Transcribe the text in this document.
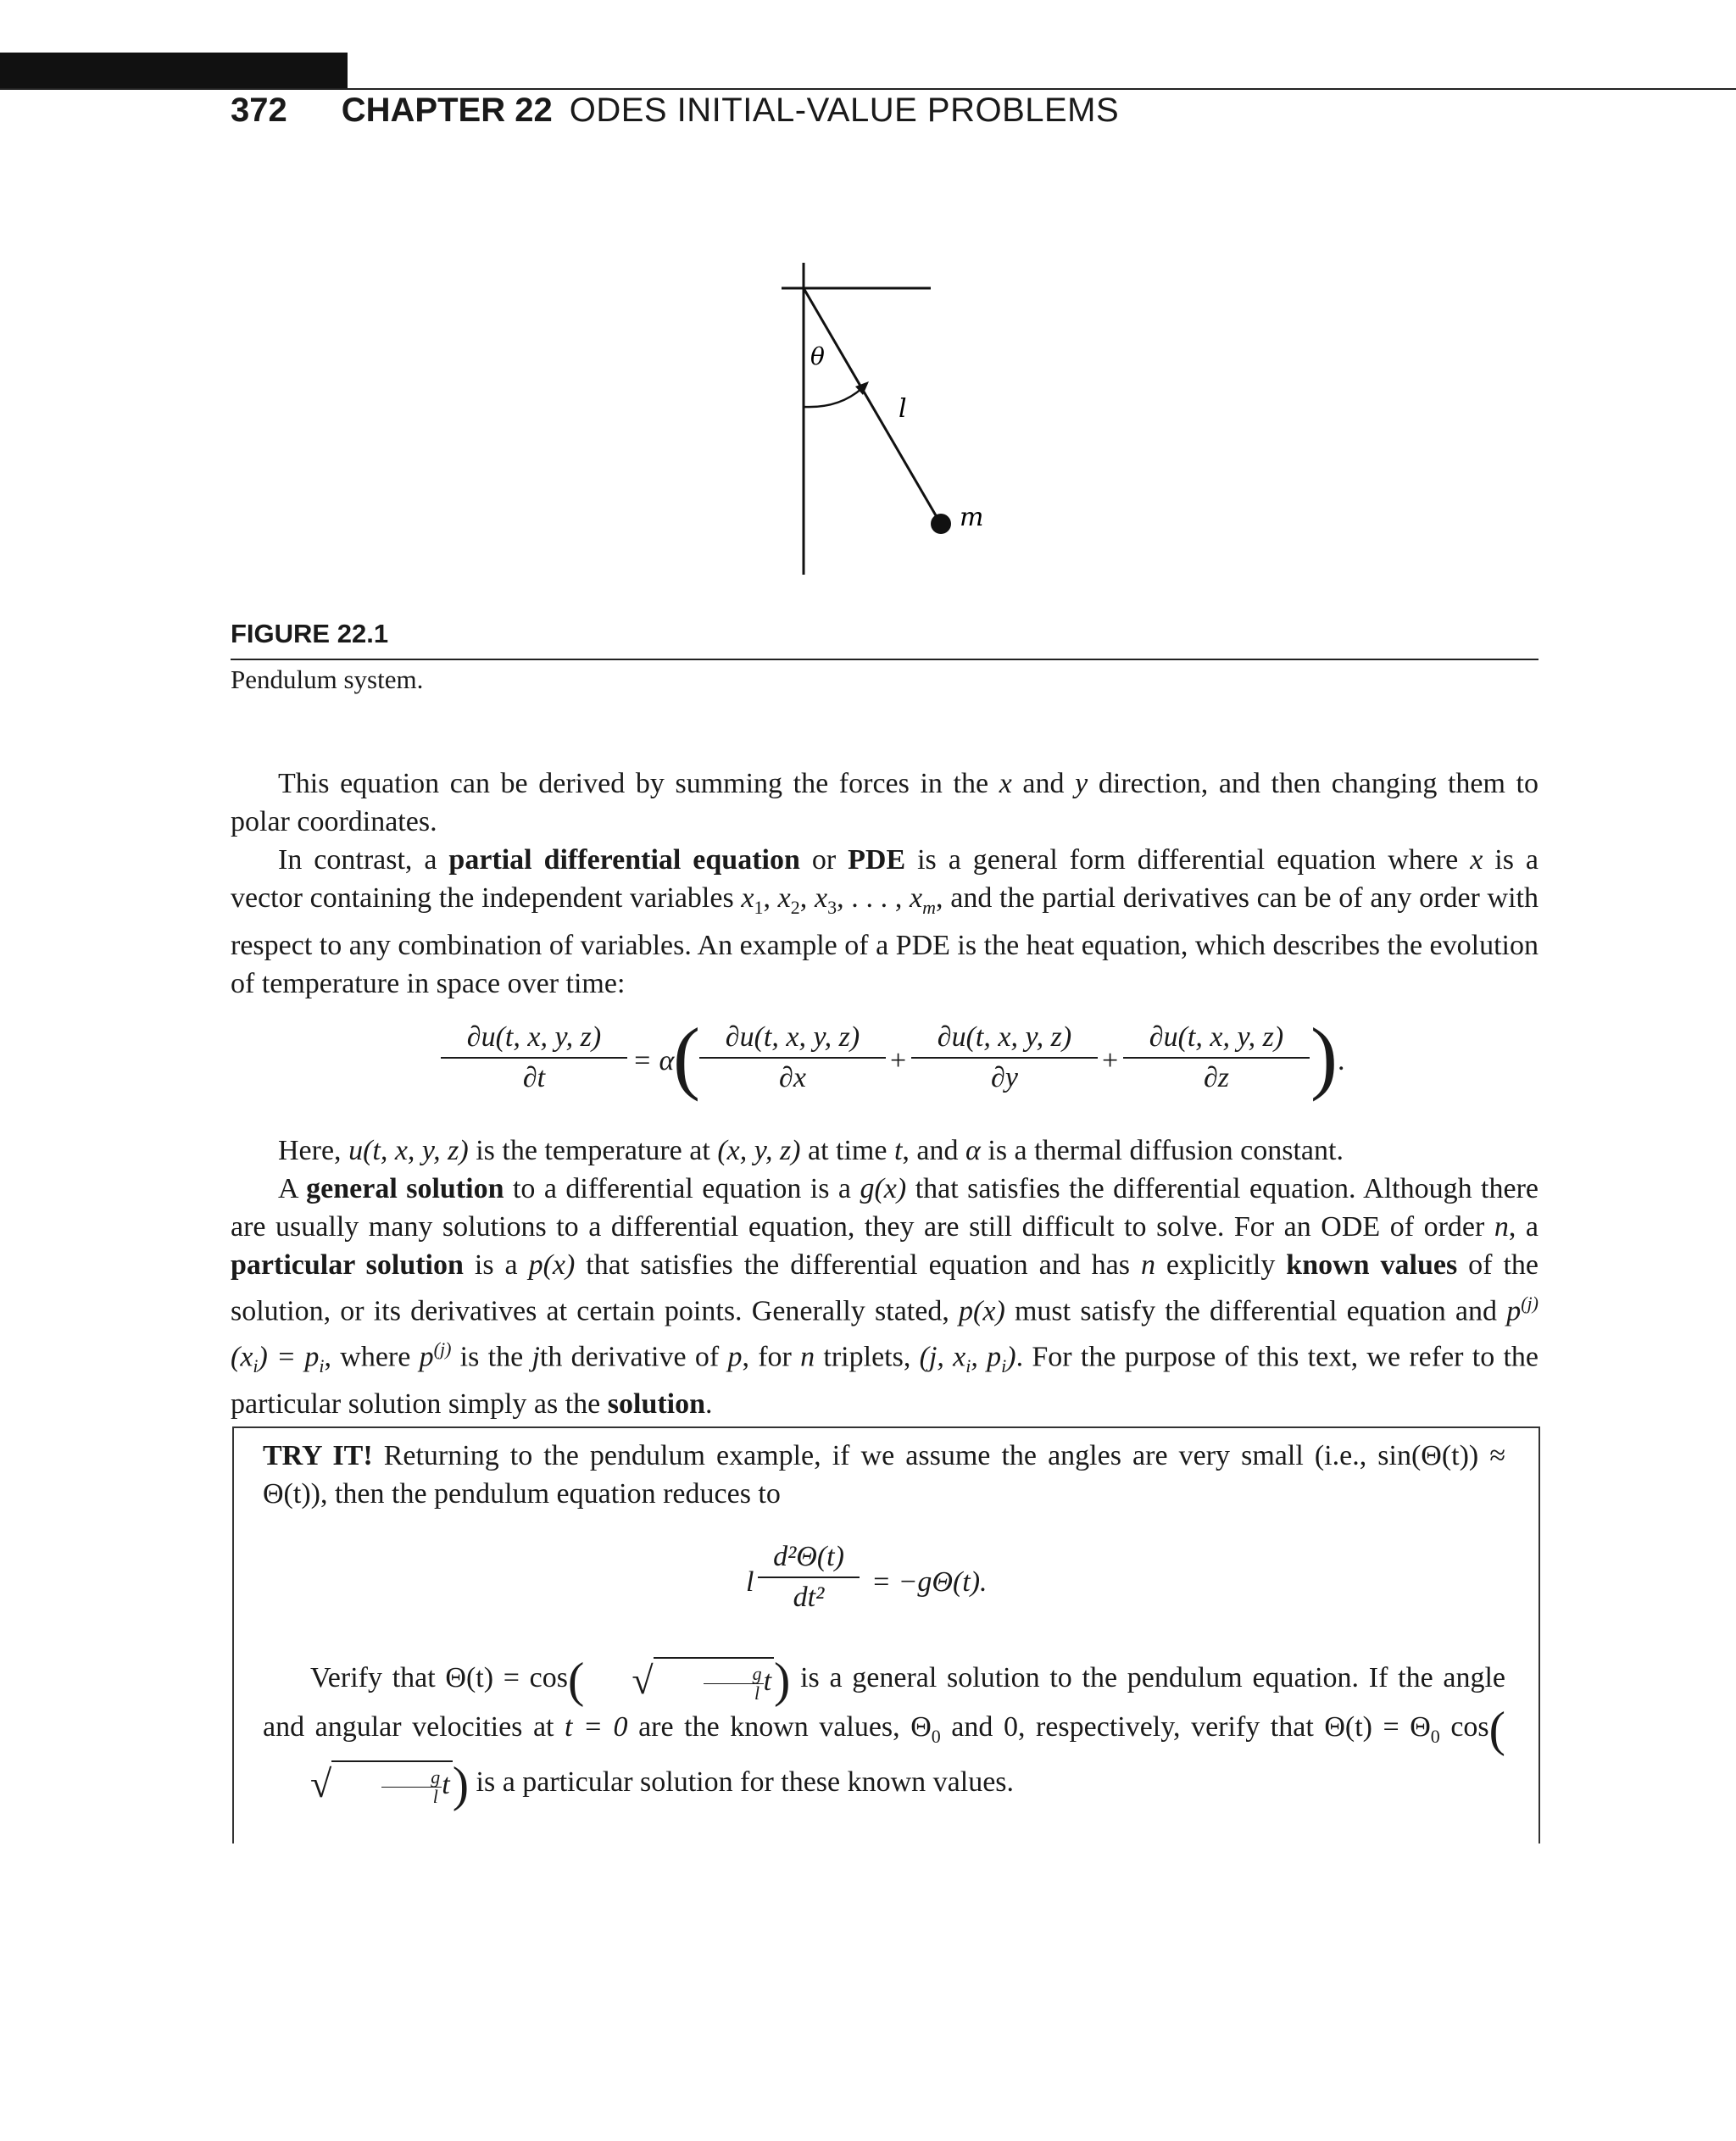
372 CHAPTER 22 ODES INITIAL-VALUE PROBLEMS
θ
l
m
FIGURE 22.1
Pendulum system.

This equation can be derived by summing the forces in the x and y direction, and then changing them to polar coordinates.

In contrast, a partial differential equation or PDE is a general form differential equation where x is a vector containing the independent variables $x_1$, $x_2$, $x_3$, . . . , $x_m$, and the partial derivatives can be of any order with respect to any combination of variables. An example of a PDE is the heat equation, which describes the evolution of temperature in space over time:

$\frac{\partial u(t, x, y, z)}{\partial t} = \alpha$
( $\frac{\partial u(t, x, y, z)}{\partial x} + \frac{\partial u(t, x, y, z)}{\partial y} + \frac{\partial u(t, x, y, z)}{\partial z}$ ) .

Here, u(t, x, y, z) is the temperature at (x, y, z) at time t, and α is a thermal diffusion constant.

A general solution to a differential equation is a g(x) that satisfies the differential equation. Although there are usually many solutions to a differential equation, they are still difficult to solve. For an ODE of order n, a particular solution is a p(x) that satisfies the differential equation and has n explicitly known values of the solution, or its derivatives at certain points. Generally stated, p(x) must satisfy the differential equation and $p^{(j)}(x_i) = p_i$, where $p^{(j)}$ is the jth derivative of p, for n triplets, (j, $x_i$, $p_i$). For the purpose of this text, we refer to the particular solution simply as the solution.

TRY IT! Returning to the pendulum example, if we assume the angles are very small (i.e., sin(Θ(t)) ≈ Θ(t)), then the pendulum equation reduces to
l $\frac{\text{d²Θ(t)}}{\text{dt²}} = -g\Theta(t)$.

Verify that Θ(t) = cos( √	$\frac{g}{l} t$) is a general solution to the pendulum equation. If the angle and angular velocities at t = 0 are the known values, $\Theta_0$ and 0, respectively, verify that $\Theta(t) = \Theta_0$ cos(√	$\frac{g}{l} t$) is a particular solution for these known values.
